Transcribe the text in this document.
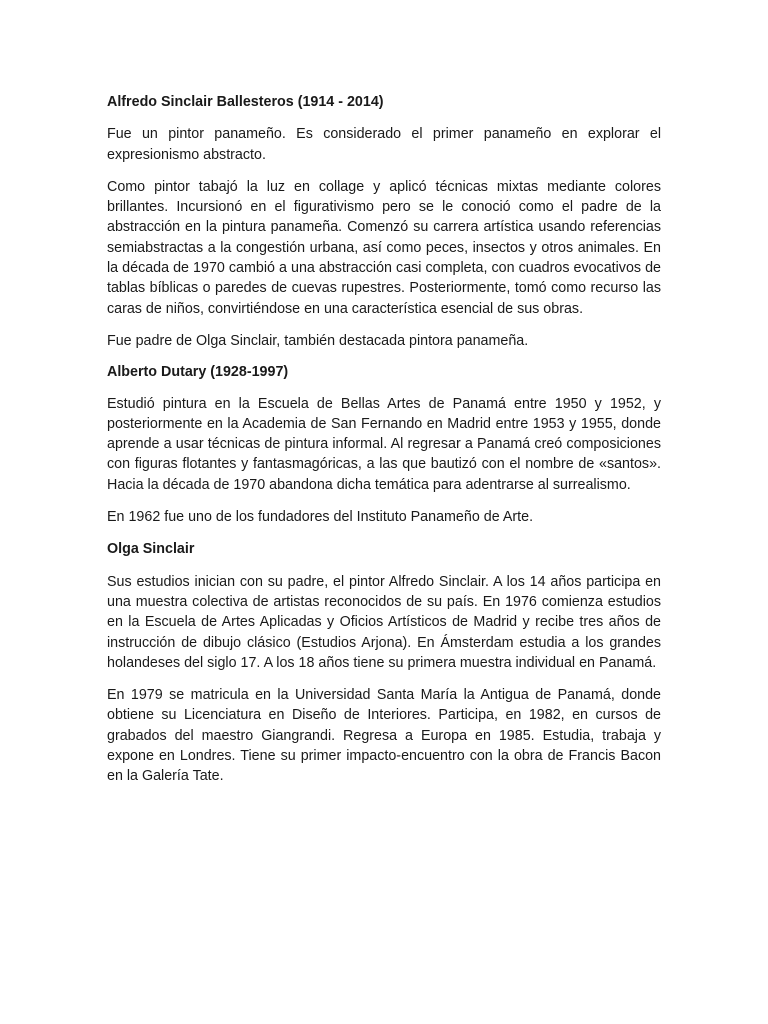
Alfredo Sinclair Ballesteros (1914 - 2014)

Fue un pintor panameño. Es considerado el primer panameño en explorar el expresionismo abstracto.

Como pintor tabajó la luz en collage y aplicó técnicas mixtas mediante colores brillantes. Incursionó en el figurativismo pero se le conoció como el padre de la abstracción en la pintura panameña. Comenzó su carrera artística usando referencias semiabstractas a la congestión urbana, así como peces, insectos y otros animales. En la década de 1970 cambió a una abstracción casi completa, con cuadros evocativos de tablas bíblicas o paredes de cuevas rupestres. Posteriormente, tomó como recurso las caras de niños, convirtiéndose en una característica esencial de sus obras.

Fue padre de Olga Sinclair, también destacada pintora panameña.

Alberto Dutary (1928-1997)

Estudió pintura en la Escuela de Bellas Artes de Panamá entre 1950 y 1952, y posteriormente en la Academia de San Fernando en Madrid entre 1953 y 1955, donde aprende a usar técnicas de pintura informal. Al regresar a Panamá creó composiciones con figuras flotantes y fantasmagóricas, a las que bautizó con el nombre de «santos». Hacia la década de 1970 abandona dicha temática para adentrarse al surrealismo.

En 1962 fue uno de los fundadores del Instituto Panameño de Arte.

Olga Sinclair

Sus estudios inician con su padre, el pintor Alfredo Sinclair. A los 14 años participa en una muestra colectiva de artistas reconocidos de su país. En 1976 comienza estudios en la Escuela de Artes Aplicadas y Oficios Artísticos de Madrid y recibe tres años de instrucción de dibujo clásico (Estudios Arjona). En Ámsterdam estudia a los grandes holandeses del siglo 17. A los 18 años tiene su primera muestra individual en Panamá.

En 1979 se matricula en la Universidad Santa María la Antigua de Panamá, donde obtiene su Licenciatura en Diseño de Interiores. Participa, en 1982, en cursos de grabados del maestro Giangrandi. Regresa a Europa en 1985. Estudia, trabaja y expone en Londres. Tiene su primer impacto-encuentro con la obra de Francis Bacon en la Galería Tate.
